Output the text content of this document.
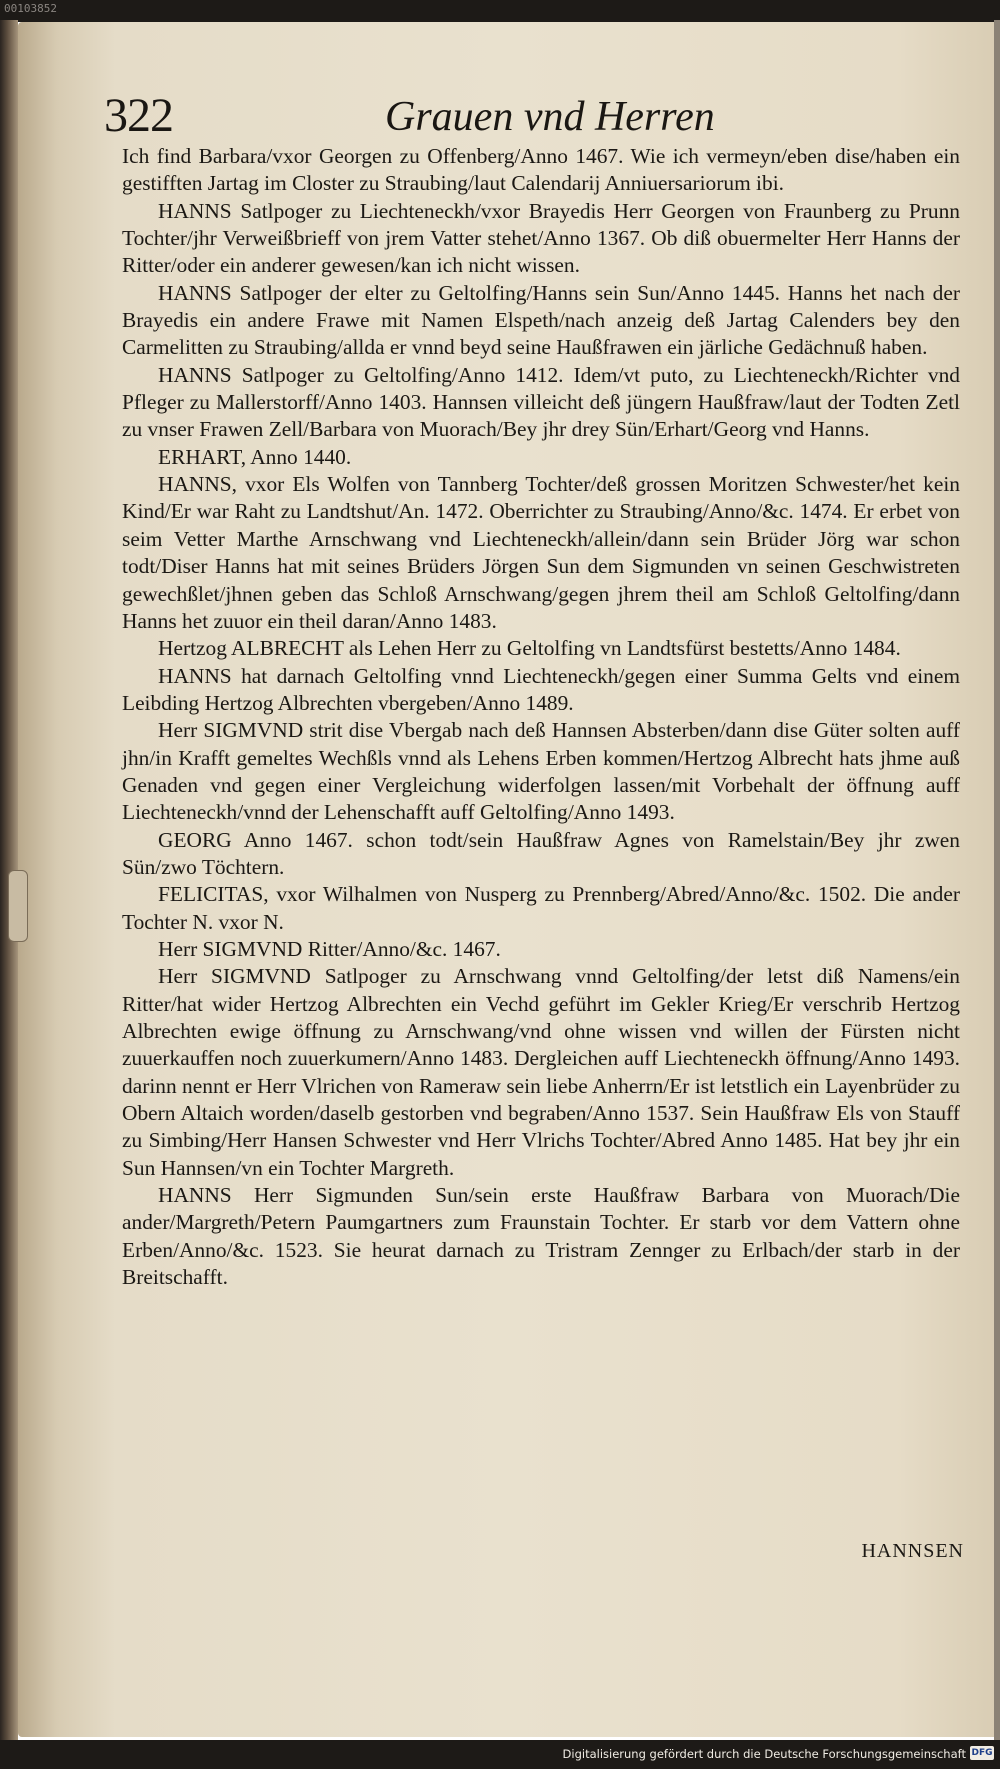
00103852
322	Grauen vnd Herren

Ich find Barbara/vxor Georgen zu Offenberg/Anno 1467. Wie ich vermeyn/eben dise/haben ein gestifften Jartag im Closter zu Straubing/laut Calendarij Anniuersariorum ibi.

HANNS Satlpoger zu Liechteneckh/vxor Brayedis Herr Georgen von Fraunberg zu Prunn Tochter/jhr Verweißbrieff von jrem Vatter stehet/Anno 1367. Ob diß obuermelter Herr Hanns der Ritter/oder ein anderer gewesen/kan ich nicht wissen.

HANNS Satlpoger der elter zu Geltolfing/Hanns sein Sun/Anno 1445. Hanns het nach der Brayedis ein andere Frawe mit Namen Elspeth/nach anzeig deß Jartag Calenders bey den Carmelitten zu Straubing/allda er vnnd beyd seine Haußfrawen ein järliche Gedächnuß haben.

HANNS Satlpoger zu Geltolfing/Anno 1412. Idem/vt puto, zu Liechteneckh/Richter vnd Pfleger zu Mallerstorff/Anno 1403. Hannsen villeicht deß jüngern Haußfraw/laut der Todten Zetl zu vnser Frawen Zell/Barbara von Muorach/Bey jhr drey Sün/Erhart/Georg vnd Hanns.

ERHART, Anno 1440.

HANNS, vxor Els Wolfen von Tannberg Tochter/deß grossen Moritzen Schwester/het kein Kind/Er war Raht zu Landtshut/An. 1472. Oberrichter zu Straubing/Anno/&c. 1474. Er erbet von seim Vetter Marthe Arnschwang vnd Liechteneckh/allein/dann sein Brüder Jörg war schon todt/Diser Hanns hat mit seines Brüders Jörgen Sun dem Sigmunden vn seinen Geschwistreten gewechßlet/jhnen geben das Schloß Arnschwang/gegen jhrem theil am Schloß Geltolfing/dann Hanns het zuuor ein theil daran/Anno 1483.

Hertzog ALBRECHT als Lehen Herr zu Geltolfing vn Landtsfürst bestetts/Anno 1484.

HANNS hat darnach Geltolfing vnnd Liechteneckh/gegen einer Summa Gelts vnd einem Leibding Hertzog Albrechten vbergeben/Anno 1489.

Herr SIGMVND strit dise Vbergab nach deß Hannsen Absterben/dann dise Güter solten auff jhn/in Krafft gemeltes Wechßls vnnd als Lehens Erben kommen/Hertzog Albrecht hats jhme auß Genaden vnd gegen einer Vergleichung widerfolgen lassen/mit Vorbehalt der öffnung auff Liechteneckh/vnnd der Lehenschafft auff Geltolfing/Anno 1493.

GEORG Anno 1467. schon todt/sein Haußfraw Agnes von Ramelstain/Bey jhr zwen Sün/zwo Töchtern.

FELICITAS, vxor Wilhalmen von Nusperg zu Prennberg/Abred/Anno/&c. 1502. Die ander Tochter N. vxor N.

Herr SIGMVND Ritter/Anno/&c. 1467.

Herr SIGMVND Satlpoger zu Arnschwang vnnd Geltolfing/der letst diß Namens/ein Ritter/hat wider Hertzog Albrechten ein Vechd geführt im Gekler Krieg/Er verschrib Hertzog Albrechten ewige öffnung zu Arnschwang/vnd ohne wissen vnd willen der Fürsten nicht zuuerkauffen noch zuuerkumern/Anno 1483. Dergleichen auff Liechteneckh öffnung/Anno 1493. darinn nennt er Herr Vlrichen von Rameraw sein liebe Anherrn/Er ist letstlich ein Layenbrüder zu Obern Altaich worden/daselb gestorben vnd begraben/Anno 1537. Sein Haußfraw Els von Stauff zu Simbing/Herr Hansen Schwester vnd Herr Vlrichs Tochter/Abred Anno 1485. Hat bey jhr ein Sun Hannsen/vn ein Tochter Margreth.

HANNS Herr Sigmunden Sun/sein erste Haußfraw Barbara von Muorach/Die ander/Margreth/Petern Paumgartners zum Fraunstain Tochter. Er starb vor dem Vattern ohne Erben/Anno/&c. 1523. Sie heurat darnach zu Tristram Zennger zu Erlbach/der starb in der Breitschafft.

HANNSEN
Digitalisierung gefördert durch die Deutsche Forschungsgemeinschaft DFG
